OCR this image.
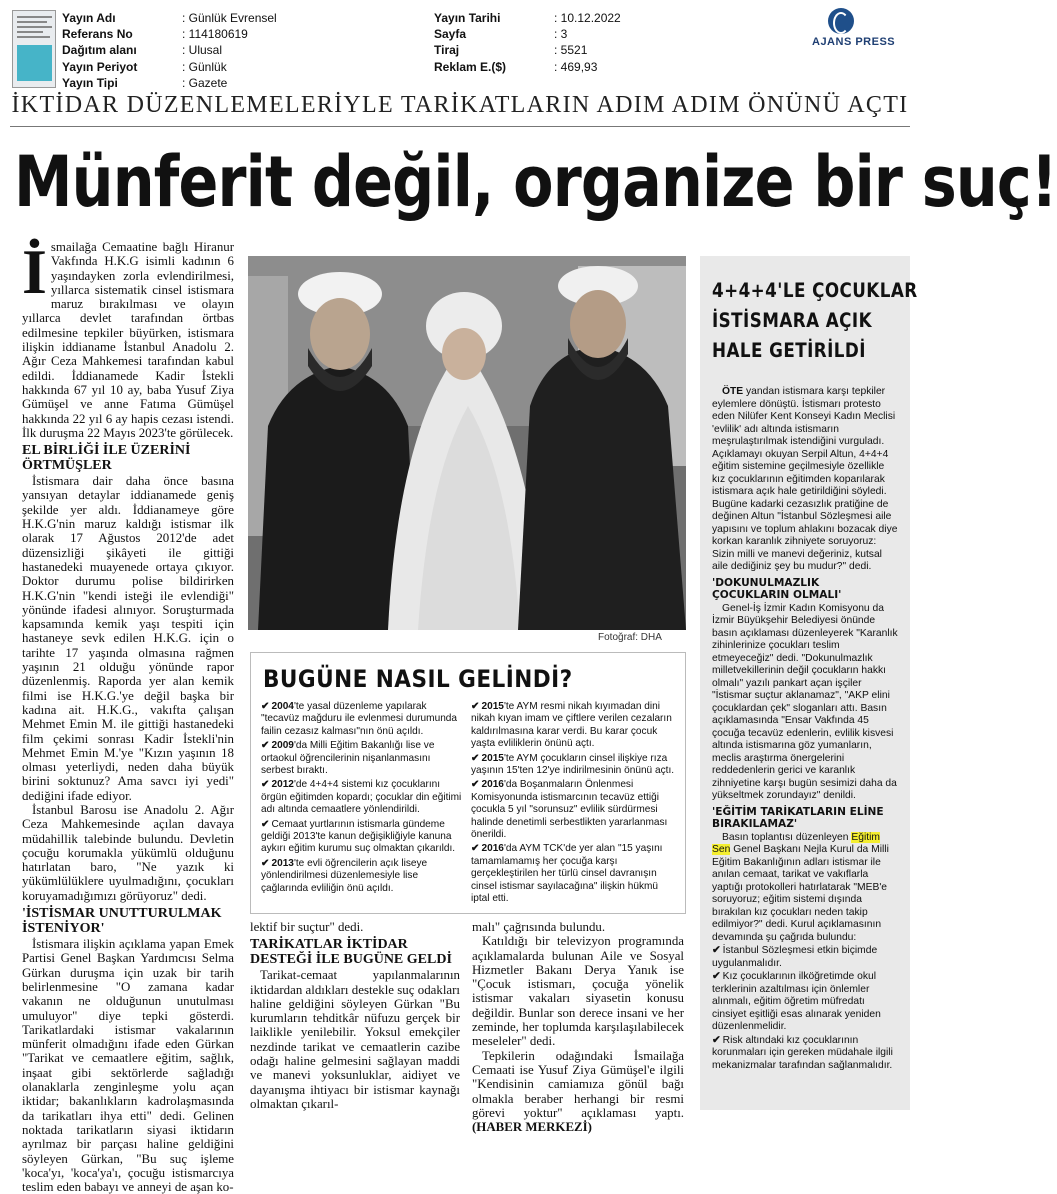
Yayın Adı	: Günlük Evrensel
Referans No	: 114180619
Dağıtım alanı	: Ulusal
Yayın Periyot	: Günlük
Yayın Tipi	: Gazete
Yayın Tarihi	: 10.12.2022
Sayfa	: 3
Tiraj	: 5521
Reklam E.($)	: 469,93
AJANS PRESS
İKTİDAR DÜZENLEMELERİYLE TARİKATLARIN ADIM ADIM ÖNÜNÜ AÇTI
Münferit değil, organize bir suç!

İsmailağa Cemaatine bağlı Hiranur Vakfında H.K.G isimli kadının 6 yaşındayken zorla evlendirilmesi, yıllarca sistematik cinsel istismara maruz bırakılması ve olayın yıllarca devlet tarafından örtbas edilmesine tepkiler büyürken, istismara ilişkin iddianame İstanbul Anadolu 2. Ağır Ceza Mahkemesi tarafından kabul edildi. İddianamede Kadir İstekli hakkında 67 yıl 10 ay, baba Yusuf Ziya Gümüşel ve anne Fatıma Gümüşel hakkında 22 yıl 6 ay hapis cezası istendi. İlk duruşma 22 Mayıs 2023'te görülecek.

EL BİRLİĞİ İLE ÜZERİNİ ÖRTMÜŞLER

İstismara dair daha önce basına yansıyan detaylar iddianamede geniş şekilde yer aldı. İddianameye göre H.K.G'nin maruz kaldığı istismar ilk olarak 17 Ağustos 2012'de adet düzensizliği şikâyeti ile gittiği hastanedeki muayenede ortaya çıkıyor. Doktor durumu polise bildirirken H.K.G'nin "kendi isteği ile evlendiği" yönünde ifadesi alınıyor. Soruşturmada kapsamında kemik yaşı tespiti için hastaneye sevk edilen H.K.G. için o tarihte 17 yaşında olmasına rağmen yaşının 21 olduğu yönünde rapor düzenlenmiş. Raporda yer alan kemik filmi ise H.K.G.'ye değil başka bir kadına ait. H.K.G., vakıfta çalışan Mehmet Emin M. ile gittiği hastanedeki film çekimi sonrası Kadir İstekli'nin Mehmet Emin M.'ye "Kızın yaşının 18 olması yeterliydi, neden daha büyük birini soktunuz? Ama savcı iyi yedi" dediğini ifade ediyor.

İstanbul Barosu ise Anadolu 2. Ağır Ceza Mahkemesinde açılan davaya müdahillik talebinde bulundu. Devletin çocuğu korumakla yükümlü olduğunu hatırlatan baro, "Ne yazık ki yükümlülüklere uyulmadığını, çocukları koruyamadığımızı görüyoruz" dedi.

'İSTİSMAR UNUTTURULMAK İSTENİYOR'

İstismara ilişkin açıklama yapan Emek Partisi Genel Başkan Yardımcısı Selma Gürkan duruşma için uzak bir tarih belirlenmesine "O zamana kadar vakanın ne olduğunun unutulması umuluyor" diye tepki gösterdi. Tarikatlardaki istismar vakalarının münferit olmadığını ifade eden Gürkan "Tarikat ve cemaatlere eğitim, sağlık, inşaat gibi sektörlerde sağladığı olanaklarla zenginleşme yolu açan iktidar; bakanlıkların kadrolaşmasında da tarikatları ihya etti" dedi. Gelinen noktada tarikatların siyasi iktidarın ayrılmaz bir parçası haline geldiğini söyleyen Gürkan, "Bu suç işleme 'koca'yı, 'koca'ya'ı, çocuğu istismarcıya teslim eden babayı ve anneyi de aşan ko-

Fotoğraf: DHA
BUGÜNE NASIL GELİNDİ?
✔ 2004'te yasal düzenleme yapılarak "tecavüz mağduru ile evlenmesi durumunda failin cezasız kalması"nın önü açıldı.
✔ 2009'da Milli Eğitim Bakanlığı lise ve ortaokul öğrencilerinin nişanlanmasını serbest bıraktı.
✔ 2012'de 4+4+4 sistemi kız çocuklarını örgün eğitimden kopardı; çocuklar din eğitimi adı altında cemaatlere yönlendirildi.
✔ Cemaat yurtlarının istismarla gündeme geldiği 2013'te kanun değişikliğiyle kanuna aykırı eğitim kurumu suç olmaktan çıkarıldı.
✔ 2013'te evli öğrencilerin açık liseye yönlendirilmesi düzenlemesiyle lise çağlarında evliliğin önü açıldı.
✔ 2015'te AYM resmi nikah kıyımadan dini nikah kıyan imam ve çiftlere verilen cezaların kaldırılmasına karar verdi. Bu karar çocuk yaşta evliliklerin önünü açtı.
✔ 2015'te AYM çocukların cinsel ilişkiye rıza yaşının 15'ten 12'ye indirilmesinin önünü açtı.
✔ 2016'da Boşanmaların Önlenmesi Komisyonunda istismarcının tecavüz ettiği çocukla 5 yıl "sorunsuz" evlilik sürdürmesi halinde denetimli serbestlikten yararlanması önerildi.
✔ 2016'da AYM TCK'de yer alan "15 yaşını tamamlamamış her çocuğa karşı gerçekleştirilen her türlü cinsel davranışın cinsel istismar sayılacağına" ilişkin hükmü iptal etti.

lektif bir suçtur" dedi.

TARİKATLAR İKTİDAR DESTEĞİ İLE BUGÜNE GELDİ

Tarikat-cemaat yapılanmalarının iktidardan aldıkları destekle suç odakları haline geldiğini söyleyen Gürkan "Bu kurumların tehditkâr nüfuzu gerçek bir laiklikle yenilebilir. Yoksul emekçiler nezdinde tarikat ve cemaatlerin cazibe odağı haline gelmesini sağlayan maddi ve manevi yoksunluklar, aidiyet ve dayanışma ihtiyacı bir istismar kaynağı olmaktan çıkarıl-

malı" çağrısında bulundu.

Katıldığı bir televizyon programında açıklamalarda bulunan Aile ve Sosyal Hizmetler Bakanı Derya Yanık ise "Çocuk istismarı, çocuğa yönelik istismar vakaları siyasetin konusu değildir. Bunlar son derece insani ve her zeminde, her toplumda karşılaşılabilecek meseleler" dedi.

Tepkilerin odağındaki İsmailağa Cemaati ise Yusuf Ziya Gümüşel'e ilgili "Kendisinin camiamıza gönül bağı olmakla beraber herhangi bir resmi görevi yoktur" açıklaması yaptı. (HABER MERKEZİ)

4+4+4'LE ÇOCUKLAR
İSTİSMARA AÇIK
HALE GETİRİLDİ

ÖTE yandan istismara karşı tepkiler eylemlere dönüştü. İstismarı protesto eden Nilüfer Kent Konseyi Kadın Meclisi 'evlilik' adı altında istismarın meşrulaştırılmak istendiğini vurguladı. Açıklamayı okuyan Serpil Altun, 4+4+4 eğitim sistemine geçilmesiyle özellikle kız çocuklarının eğitimden koparılarak istismara açık hale getirildiğini söyledi. Bugüne kadarki cezasızlık pratiğine de değinen Altun "İstanbul Sözleşmesi aile yapısını ve toplum ahlakını bozacak diye korkan karanlık zihniyete soruyoruz: Sizin milli ve manevi değeriniz, kutsal aile dediğiniz şey bu mudur?" dedi.

'DOKUNULMAZLIK ÇOCUKLARIN OLMALI'

Genel-İş İzmir Kadın Komisyonu da İzmir Büyükşehir Belediyesi önünde basın açıklaması düzenleyerek "Karanlık zihinlerinize çocukları teslim etmeyeceğiz" dedi. "Dokunulmazlık milletvekillerinin değil çocukların hakkı olmalı" yazılı pankart açan işçiler "İstismar suçtur aklanamaz", "AKP elini çocuklardan çek" sloganları attı. Basın açıklamasında "Ensar Vakfında 45 çocuğa tecavüz edenlerin, evlilik kisvesi altında istismarına göz yumanların, meclis araştırma önergelerini reddedenlerin gerici ve karanlık zihniyetine karşı bugün sesimizi daha da yükseltmek zorundayız" denildi.

'EĞİTİM TARİKATLARIN ELİNE BIRAKILAMAZ'

Basın toplantısı düzenleyen Eğitim Sen Genel Başkanı Nejla Kurul da Milli Eğitim Bakanlığının adları istismar ile anılan cemaat, tarikat ve vakıflarla yaptığı protokolleri hatırlatarak "MEB'e soruyoruz; eğitim sistemi dışında bırakılan kız çocukları neden takip edilmiyor?" dedi. Kurul açıklamasının devamında şu çağrıda bulundu:

✔ İstanbul Sözleşmesi etkin biçimde uygulanmalıdır.
✔ Kız çocuklarının ilköğretimde okul terklerinin azaltılması için önlemler alınmalı, eğitim öğretim müfredatı cinsiyet eşitliği esas alınarak yeniden düzenlenmelidir.
✔ Risk altındaki kız çocuklarının korunmaları için gereken müdahale ilgili mekanizmalar tarafından sağlanmalıdır.
